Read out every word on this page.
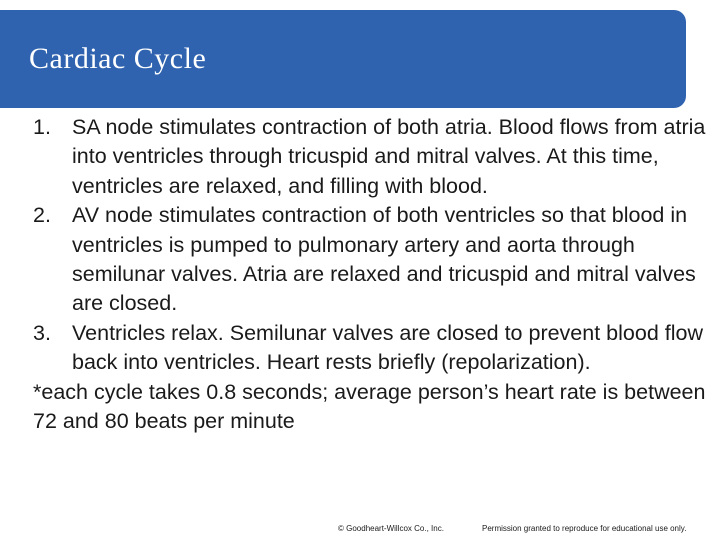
Cardiac Cycle
1. SA node stimulates contraction of both atria. Blood flows from atria into ventricles through tricuspid and mitral valves. At this time, ventricles are relaxed, and filling with blood.
2. AV node stimulates contraction of both ventricles so that blood in ventricles is pumped to pulmonary artery and aorta through semilunar valves. Atria are relaxed and tricuspid and mitral valves are closed.
3. Ventricles relax. Semilunar valves are closed to prevent blood flow back into ventricles. Heart rests briefly (repolarization).
*each cycle takes 0.8 seconds; average person’s heart rate is between 72 and 80 beats per minute
© Goodheart-Willcox Co., Inc.	Permission granted to reproduce for educational use only.
